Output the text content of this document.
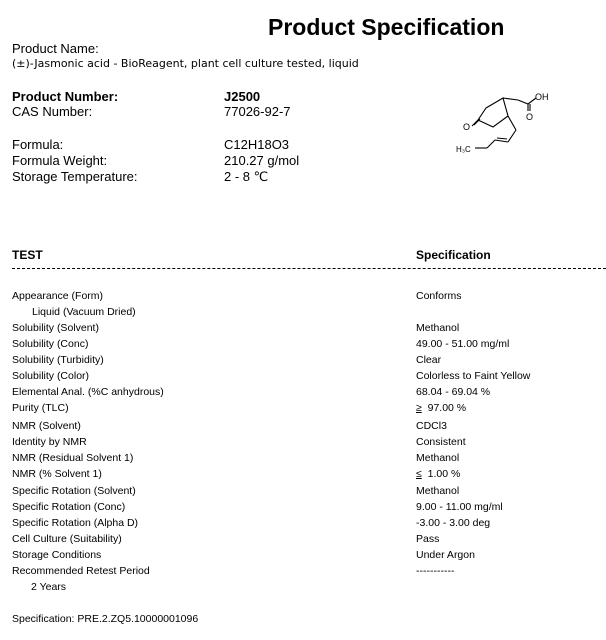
Product Specification
Product Name:
(±)-Jasmonic acid - BioReagent, plant cell culture tested, liquid
Product Number:	J2500
CAS Number:	77026-92-7
Formula:	C12H18O3
Formula Weight:	210.27 g/mol
Storage Temperature:	2 - 8 ℃
OH
O
O
H₃C
TEST	Specification
Appearance (Form)	Conforms
Liquid (Vacuum Dried)
Solubility (Solvent)	Methanol
Solubility (Conc)	49.00 - 51.00 mg/ml
Solubility (Turbidity)	Clear
Solubility (Color)	Colorless to Faint Yellow
Elemental Anal. (%C anhydrous)	68.04 - 69.04 %
Purity (TLC)	≥ 97.00 %
NMR (Solvent)	CDCl3
Identity by NMR	Consistent
NMR (Residual Solvent 1)	Methanol
NMR (% Solvent 1)	≤ 1.00 %
Specific Rotation (Solvent)	Methanol
Specific Rotation (Conc)	9.00 - 11.00 mg/ml
Specific Rotation (Alpha D)	-3.00 - 3.00 deg
Cell Culture (Suitability)	Pass
Storage Conditions	Under Argon
Recommended Retest Period	-----------
2 Years
Specification: PRE.2.ZQ5.10000001096
